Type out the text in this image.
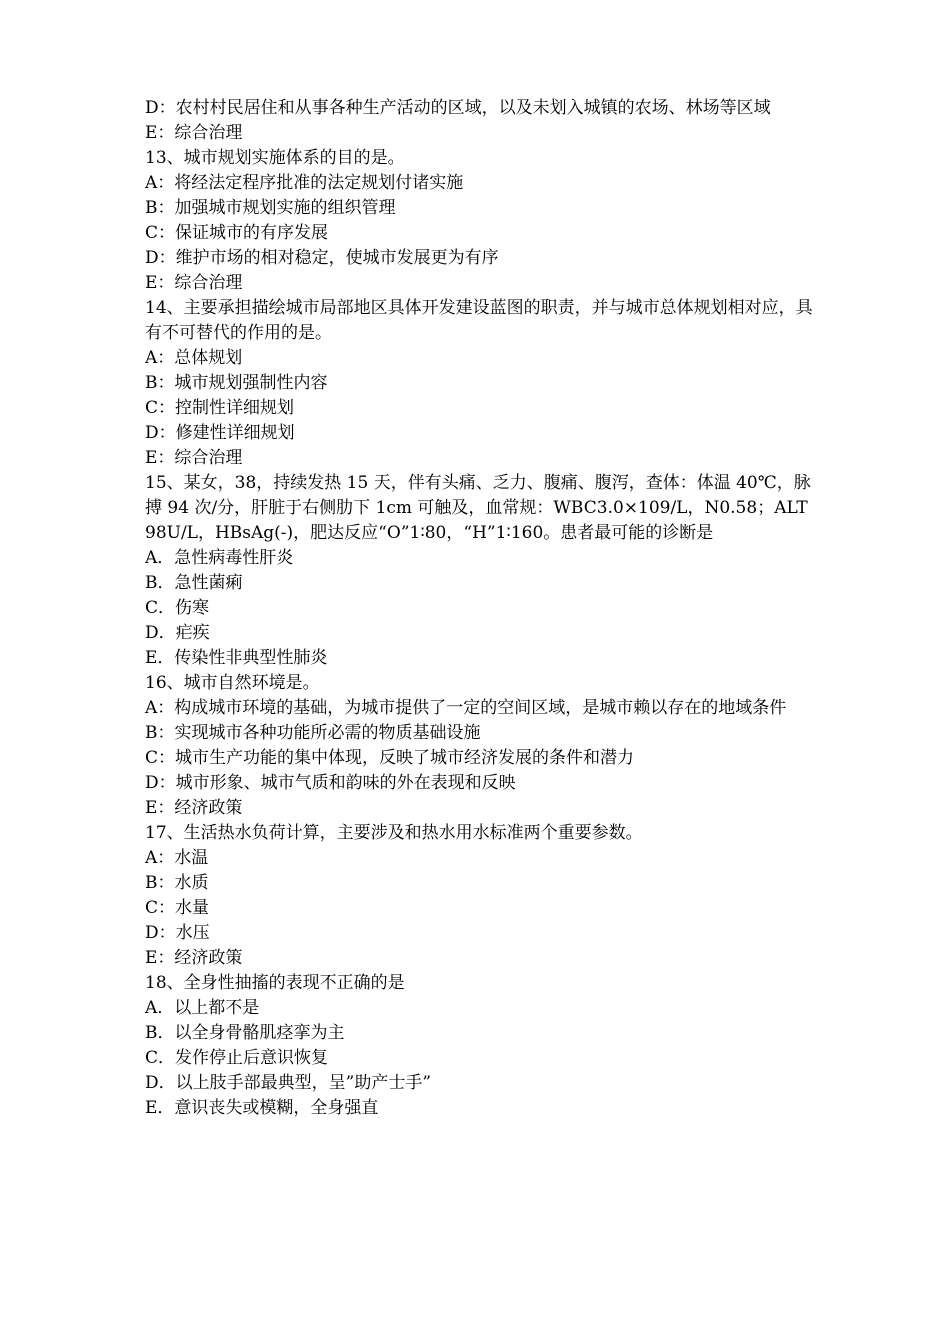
D：农村村民居住和从事各种生产活动的区域，以及未划入城镇的农场、林场等区域

E：综合治理

13、城市规划实施体系的目的是。

A：将经法定程序批准的法定规划付诸实施

B：加强城市规划实施的组织管理

C：保证城市的有序发展

D：维护市场的相对稳定，使城市发展更为有序

E：综合治理

14、主要承担描绘城市局部地区具体开发建设蓝图的职责，并与城市总体规划相对应，具有不可替代的作用的是。

A：总体规划

B：城市规划强制性内容

C：控制性详细规划

D：修建性详细规划

E：综合治理

15、某女，38，持续发热 15 天，伴有头痛、乏力、腹痛、腹泻，查体：体温 40℃，脉搏 94 次/分，肝脏于右侧肋下 1cm 可触及，血常规：WBC3.0×109/L，N0.58；ALT98U/L，HBsAg(-)，肥达反应“O”1∶80，“H”1∶160。患者最可能的诊断是

A．急性病毒性肝炎

B．急性菌痢

C．伤寒

D．疟疾

E．传染性非典型性肺炎

16、城市自然环境是。

A：构成城市环境的基础，为城市提供了一定的空间区域，是城市赖以存在的地域条件

B：实现城市各种功能所必需的物质基础设施

C：城市生产功能的集中体现，反映了城市经济发展的条件和潜力

D：城市形象、城市气质和韵味的外在表现和反映

E：经济政策

17、生活热水负荷计算，主要涉及和热水用水标准两个重要参数。

A：水温

B：水质

C：水量

D：水压

E：经济政策

18、全身性抽搐的表现不正确的是

A．以上都不是

B．以全身骨骼肌痉挛为主

C．发作停止后意识恢复

D．以上肢手部最典型，呈”助产士手”

E．意识丧失或模糊，全身强直
